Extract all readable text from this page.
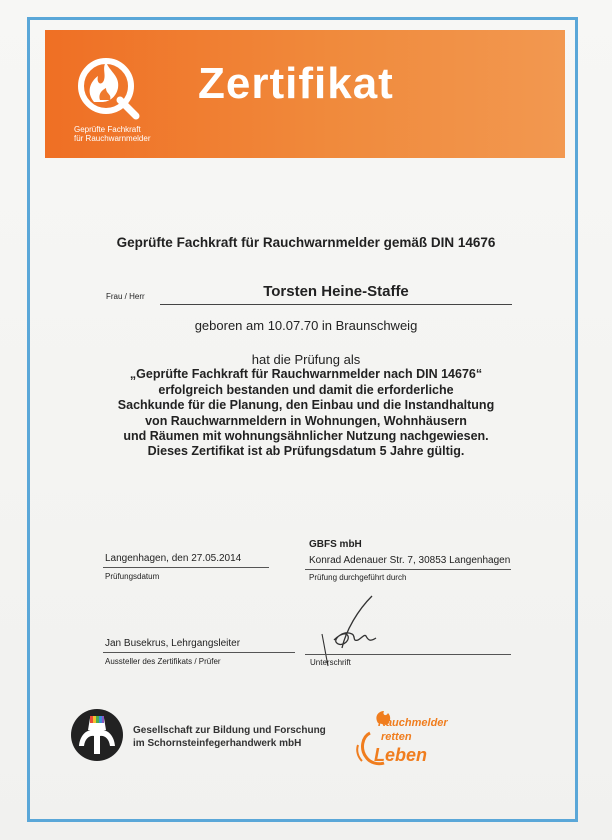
Geprüfte Fachkraft
für Rauchwarnmelder
Zertifikat
Geprüfte Fachkraft für Rauchwarnmelder gemäß DIN 14676
Frau / Herr	Torsten Heine-Staffe
geboren am 10.07.70 in Braunschweig
hat die Prüfung als
„Geprüfte Fachkraft für Rauchwarnmelder nach DIN 14676“
erfolgreich bestanden und damit die erforderliche
Sachkunde für die Planung, den Einbau und die Instandhaltung
von Rauchwarnmeldern in Wohnungen, Wohnhäusern
und Räumen mit wohnungsähnlicher Nutzung nachgewiesen.
Dieses Zertifikat ist ab Prüfungsdatum 5 Jahre gültig.
Langenhagen, den 27.05.2014
Prüfungsdatum
GBFS mbH
Konrad Adenauer Str. 7, 30853 Langenhagen
Prüfung durchgeführt durch
Jan Busekrus, Lehrgangsleiter
Aussteller des Zertifikats / Prüfer	Unterschrift
Gesellschaft zur Bildung und Forschung
im Schornsteinfegerhandwerk mbH
Rauchmelder
retten
Leben
